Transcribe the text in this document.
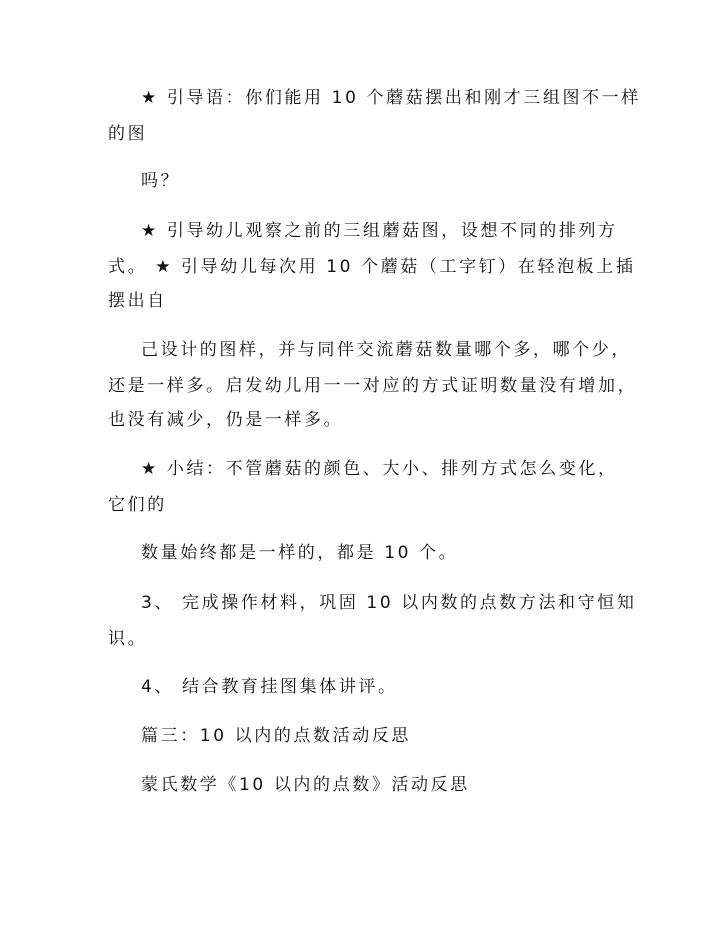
★ 引导语：你们能用 10 个蘑菇摆出和刚才三组图不一样
的图
吗？
★ 引导幼儿观察之前的三组蘑菇图，设想不同的排列方
式。 ★ 引导幼儿每次用 10 个蘑菇（工字钉）在轻泡板上插
摆出自
己设计的图样，并与同伴交流蘑菇数量哪个多，哪个少，
还是一样多。启发幼儿用一一对应的方式证明数量没有增加，
也没有减少，仍是一样多。
★ 小结：不管蘑菇的颜色、大小、排列方式怎么变化，
它们的
数量始终都是一样的，都是 10 个。
3、 完成操作材料，巩固 10 以内数的点数方法和守恒知
识。
4、 结合教育挂图集体讲评。
篇三：10 以内的点数活动反思
蒙氏数学《10 以内的点数》活动反思
